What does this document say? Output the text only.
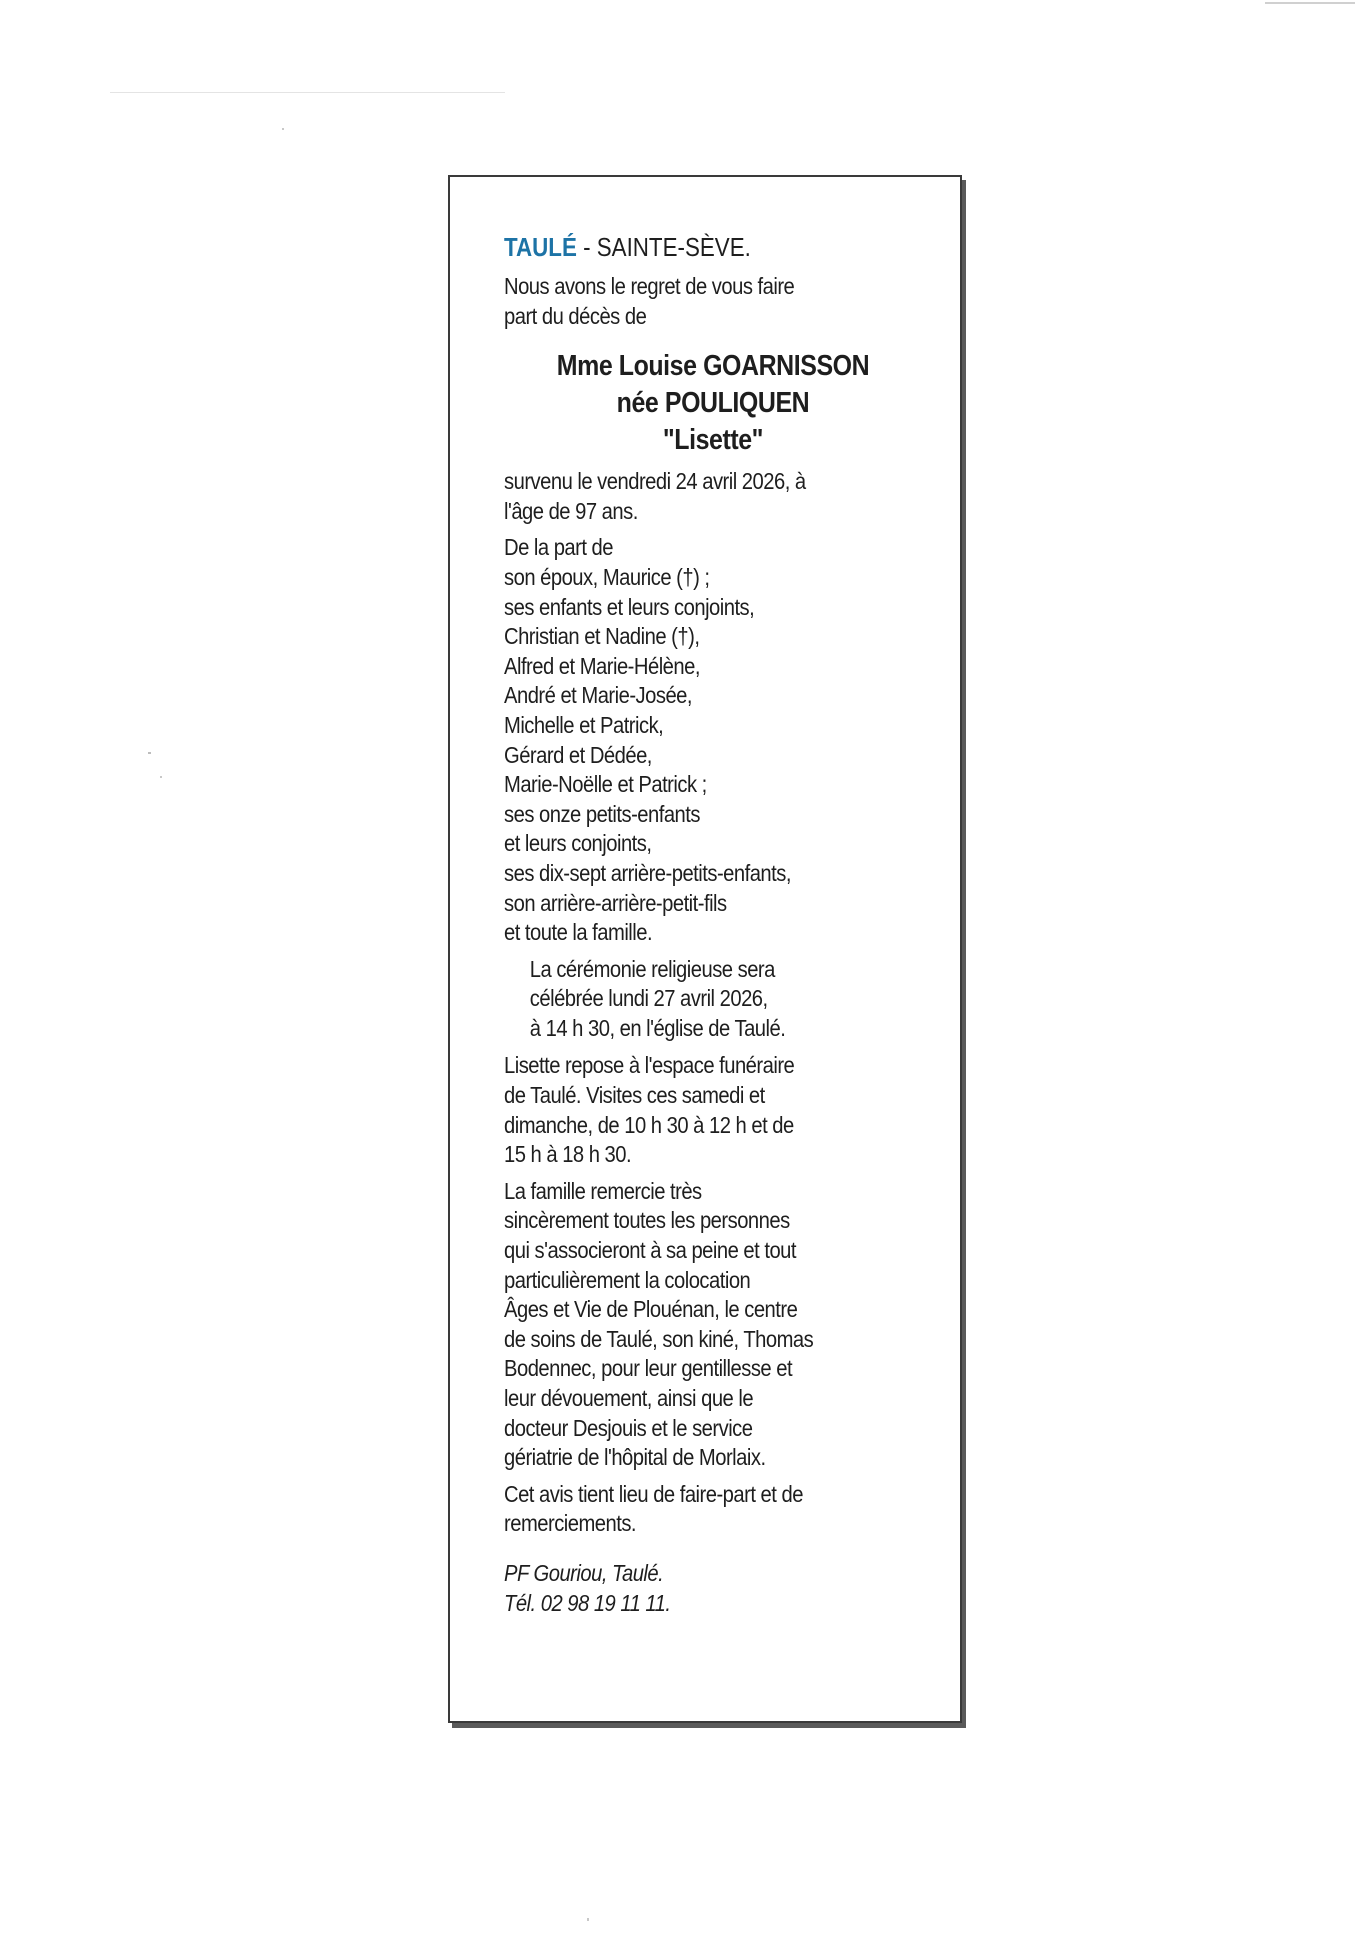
TAULÉ - SAINTE-SÈVE.
Nous avons le regret de vous faire
part du décès de
Mme Louise GOARNISSON
née POULIQUEN
"Lisette"
survenu le vendredi 24 avril 2026, à
l'âge de 97 ans.
De la part de
son époux, Maurice (†) ;
ses enfants et leurs conjoints,
Christian et Nadine (†),
Alfred et Marie-Hélène,
André et Marie-Josée,
Michelle et Patrick,
Gérard et Dédée,
Marie-Noëlle et Patrick ;
ses onze petits-enfants
et leurs conjoints,
ses dix-sept arrière-petits-enfants,
son arrière-arrière-petit-fils
et toute la famille.
La cérémonie religieuse sera
célébrée lundi 27 avril 2026,
à 14 h 30, en l'église de Taulé.
Lisette repose à l'espace funéraire
de Taulé. Visites ces samedi et
dimanche, de 10 h 30 à 12 h et de
15 h à 18 h 30.
La famille remercie très
sincèrement toutes les personnes
qui s'associeront à sa peine et tout
particulièrement la colocation
Âges et Vie de Plouénan, le centre
de soins de Taulé, son kiné, Thomas
Bodennec, pour leur gentillesse et
leur dévouement, ainsi que le
docteur Desjouis et le service
gériatrie de l'hôpital de Morlaix.
Cet avis tient lieu de faire-part et de
remerciements.
PF Gouriou, Taulé.
Tél. 02 98 19 11 11.
